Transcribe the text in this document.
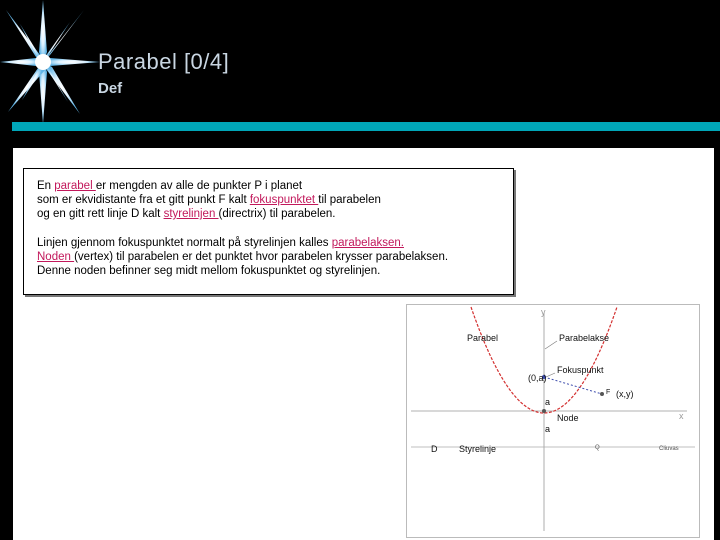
Parabel [0/4]
Def

En parabel er mengden av alle de punkter P i planet
som er ekvidistante fra et gitt punkt F kalt fokuspunktet til parabelen
og en gitt rett linje D kalt styrelinjen (directrix) til parabelen.

Linjen gjennom fokuspunktet normalt på styrelinjen kalles parabelaksen.
Noden (vertex) til parabelen er det punktet hvor parabelen krysser parabelaksen.
Denne noden befinner seg midt mellom fokuspunktet og styrelinjen.

y
x
Parabel	Parabelakse
Fokuspunkt
(0,a)
F (x,y)
a
Node
a
D Styrelinje	Q	Cliuvas
